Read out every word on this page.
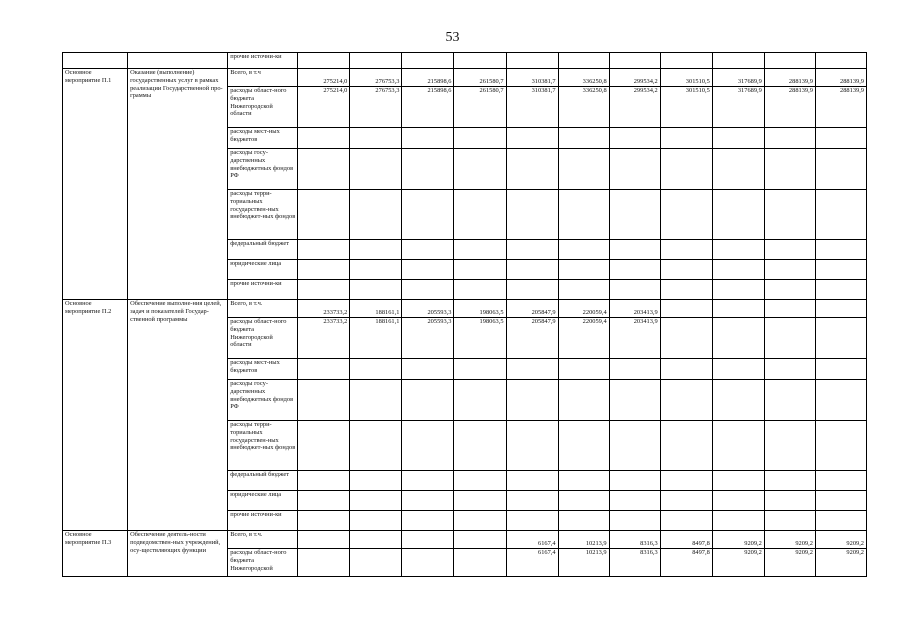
53
		прочие источни-ки											
Основное мероприятие П.1	Оказание (выполнение) государственных услуг в рамках реализации Государственной про-граммы	Всего, в т.ч	275214,0	276753,3	215898,6	261580,7	310381,7	336250,8	299534,2	301510,5	317689,9	288139,9	288139,9
		расходы област-ного бюджета Нижегородской области	275214,0	276753,3	215898,6	261580,7	310381,7	336250,8	299534,2	301510,5	317689,9	288139,9	288139,9
		расходы мест-ных бюджетов											
		расходы госу-дарственных внебюджетных фондов РФ											
		расходы терри-ториальных государствен-ных внебюджет-ных фондов											
		федеральный бюджет											
		юридические лица											
		прочие источни-ки											
Основное мероприятие П.2	Обеспечение выполне-ния целей, задач и показателей Государ-ственной программы	Всего, в т.ч.	233733,2	188161,1	205593,3	198063,5	205847,9	220059,4	203413,9				
		расходы област-ного бюджета Нижегородской области	233733,2	188161,1	205593,3	198063,5	205847,9	220059,4	203413,9				
		расходы мест-ных бюджетов											
		расходы госу-дарственных внебюджетных фондов РФ											
		расходы терри-ториальных государствен-ных внебюджет-ных фондов											
		федеральный бюджет											
		юридические лица											
		прочие источни-ки											
Основное мероприятие П.3	Обеспечение деятель-ности подведомствен-ных учреждений, осу-ществляющих функции	Всего, в т.ч.					6167,4	10213,9	8316,3	8497,8	9209,2	9209,2	9209,2
		расходы област-ного бюджета Нижегородской					6167,4	10213,9	8316,3	8497,8	9209,2	9209,2	9209,2
